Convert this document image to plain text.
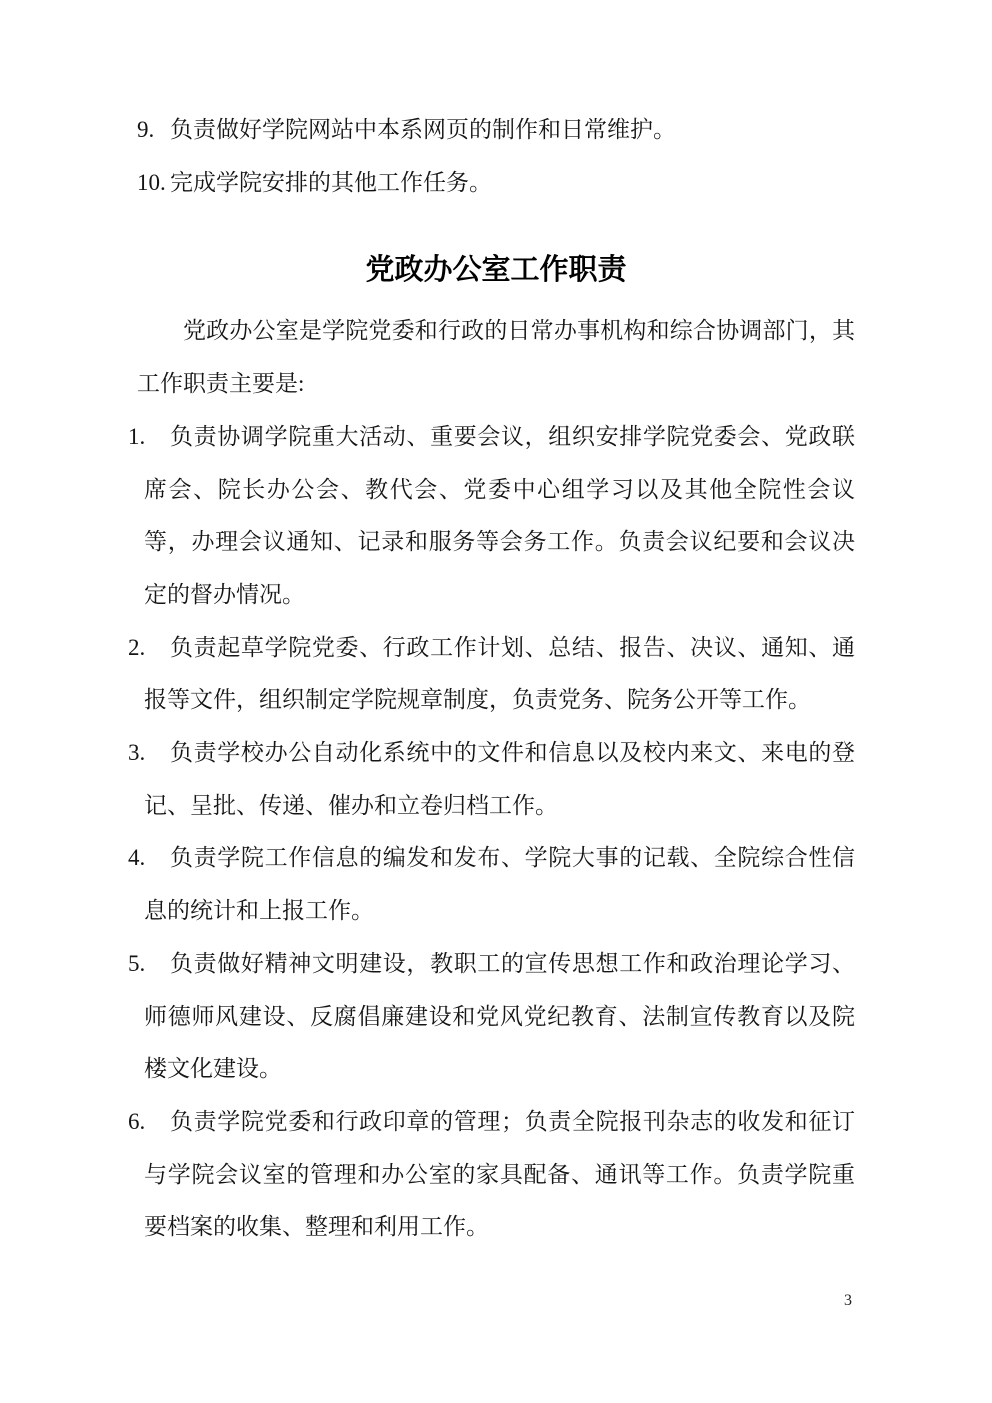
9. 负责做好学院网站中本系网页的制作和日常维护。
10. 完成学院安排的其他工作任务。
党政办公室工作职责

党政办公室是学院党委和行政的日常办事机构和综合协调部门，其工作职责主要是:

1. 负责协调学院重大活动、重要会议，组织安排学院党委会、党政联席会、院长办公会、教代会、党委中心组学习以及其他全院性会议等，办理会议通知、记录和服务等会务工作。负责会议纪要和会议决定的督办情况。
2. 负责起草学院党委、行政工作计划、总结、报告、决议、通知、通报等文件，组织制定学院规章制度，负责党务、院务公开等工作。
3. 负责学校办公自动化系统中的文件和信息以及校内来文、来电的登记、呈批、传递、催办和立卷归档工作。
4. 负责学院工作信息的编发和发布、学院大事的记载、全院综合性信息的统计和上报工作。
5. 负责做好精神文明建设，教职工的宣传思想工作和政治理论学习、师德师风建设、反腐倡廉建设和党风党纪教育、法制宣传教育以及院楼文化建设。
6. 负责学院党委和行政印章的管理；负责全院报刊杂志的收发和征订与学院会议室的管理和办公室的家具配备、通讯等工作。负责学院重要档案的收集、整理和利用工作。
3
